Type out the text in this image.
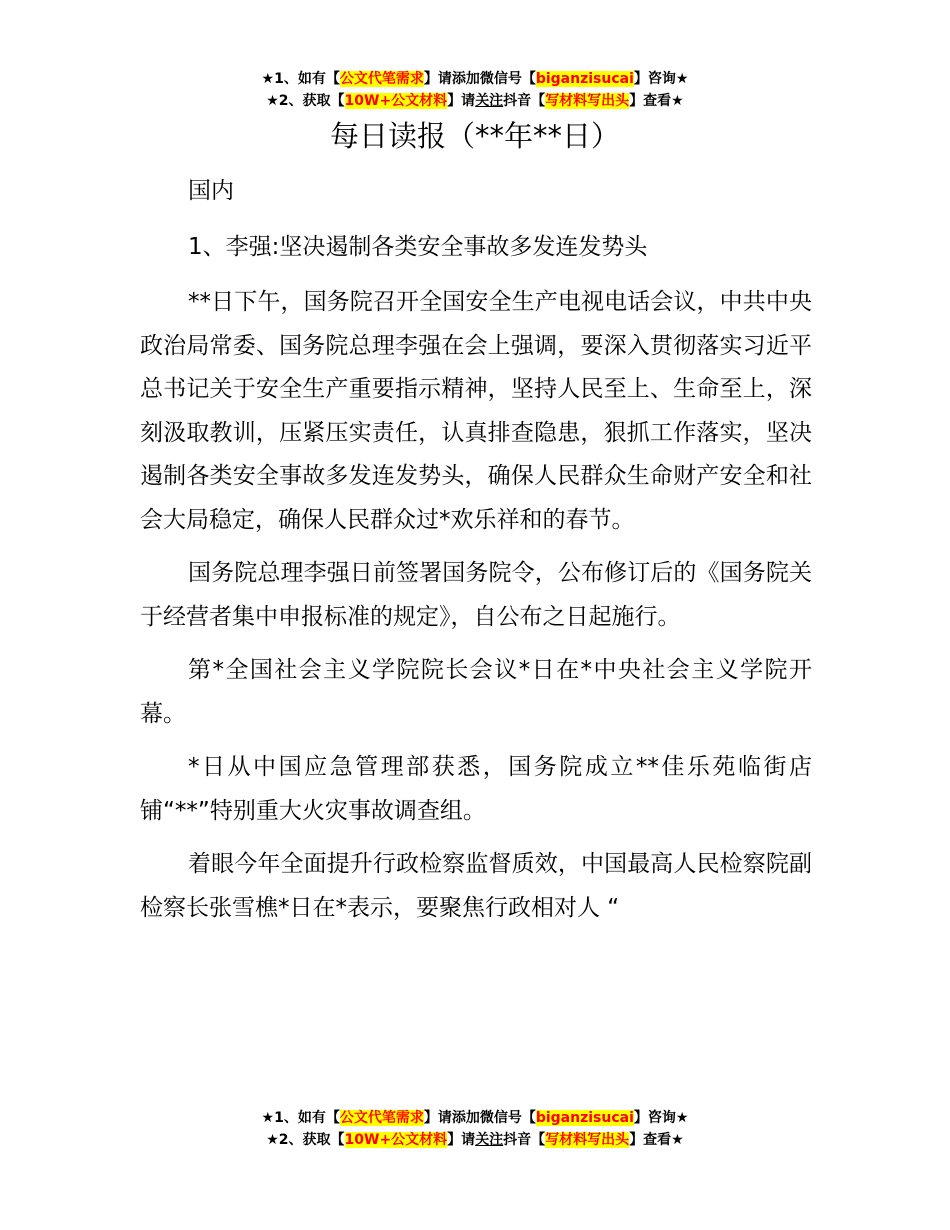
★1、如有【公文代笔需求】请添加微信号【biganzisucai】咨询★
★2、获取【10W+公文材料】请关注抖音【写材料写出头】查看★
每日读报（**年**日）

国内

1、李强:坚决遏制各类安全事故多发连发势头

**日下午，国务院召开全国安全生产电视电话会议，中共中央政治局常委、国务院总理李强在会上强调，要深入贯彻落实习近平总书记关于安全生产重要指示精神，坚持人民至上、生命至上，深刻汲取教训，压紧压实责任，认真排查隐患，狠抓工作落实，坚决遏制各类安全事故多发连发势头，确保人民群众生命财产安全和社会大局稳定，确保人民群众过*欢乐祥和的春节。

国务院总理李强日前签署国务院令，公布修订后的《国务院关于经营者集中申报标准的规定》，自公布之日起施行。

第*全国社会主义学院院长会议*日在*中央社会主义学院开幕。

*日从中国应急管理部获悉，国务院成立**佳乐苑临街店铺“**”特别重大火灾事故调查组。

着眼今年全面提升行政检察监督质效，中国最高人民检察院副检察长张雪樵*日在*表示，要聚焦行政相对人 “

★1、如有【公文代笔需求】请添加微信号【biganzisucai】咨询★
★2、获取【10W+公文材料】请关注抖音【写材料写出头】查看★
